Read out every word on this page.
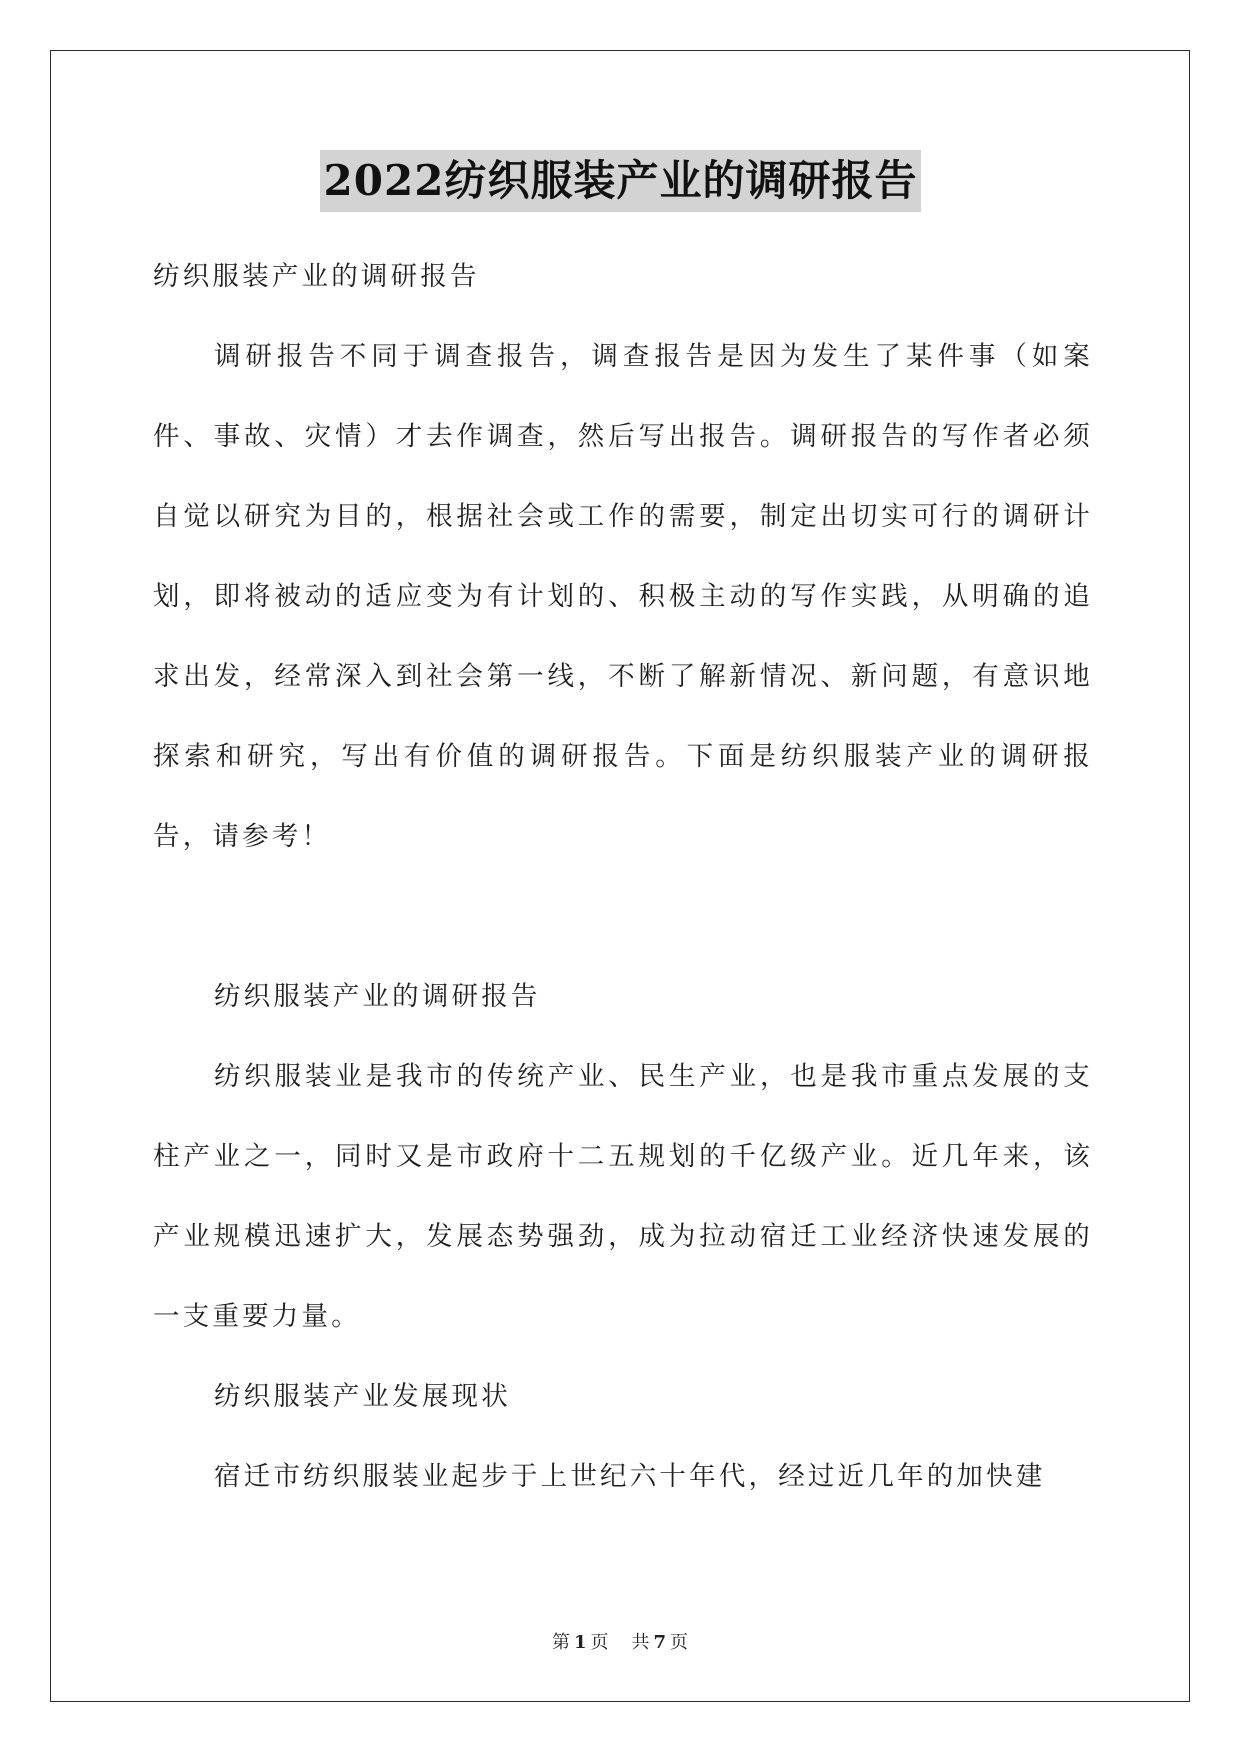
2022纺织服装产业的调研报告

纺织服装产业的调研报告

调研报告不同于调查报告，调查报告是因为发生了某件事（如案件、事故、灾情）才去作调查，然后写出报告。调研报告的写作者必须自觉以研究为目的，根据社会或工作的需要，制定出切实可行的调研计划，即将被动的适应变为有计划的、积极主动的写作实践，从明确的追求出发，经常深入到社会第一线，不断了解新情况、新问题，有意识地探索和研究，写出有价值的调研报告。下面是纺织服装产业的调研报告，请参考！

纺织服装产业的调研报告

纺织服装业是我市的传统产业、民生产业，也是我市重点发展的支柱产业之一，同时又是市政府十二五规划的千亿级产业。近几年来，该产业规模迅速扩大，发展态势强劲，成为拉动宿迁工业经济快速发展的一支重要力量。

纺织服装产业发展现状

宿迁市纺织服装业起步于上世纪六十年代，经过近几年的加快建

第 1 页 共 7 页
